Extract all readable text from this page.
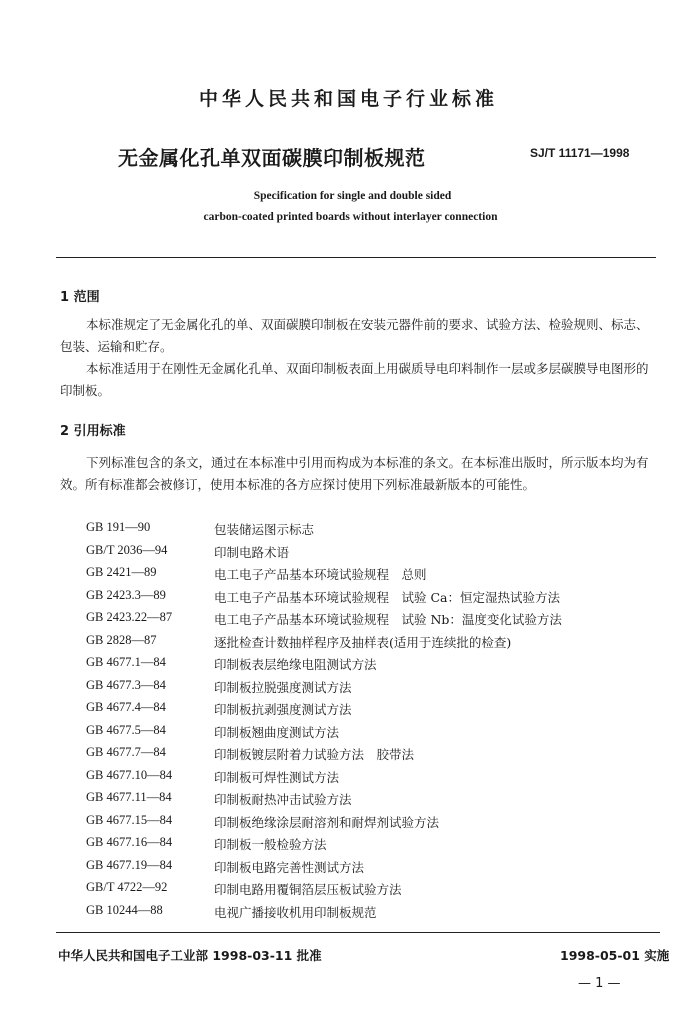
中华人民共和国电子行业标准
无金属化孔单双面碳膜印制板规范	SJ/T 11171—1998
Specification for single and double sided
carbon-coated printed boards without interlayer connection
1 范围
本标准规定了无金属化孔的单、双面碳膜印制板在安装元器件前的要求、试验方法、检验规则、标志、包装、运输和贮存。
本标准适用于在刚性无金属化孔单、双面印制板表面上用碳质导电印料制作一层或多层碳膜导电图形的印制板。
2 引用标准
下列标准包含的条文，通过在本标准中引用而构成为本标准的条文。在本标准出版时，所示版本均为有效。所有标准都会被修订，使用本标准的各方应探讨使用下列标准最新版本的可能性。
GB 191—90	包装储运图示标志
GB/T 2036—94	印制电路术语
GB 2421—89	电工电子产品基本环境试验规程　总则
GB 2423.3—89	电工电子产品基本环境试验规程　试验 Ca：恒定湿热试验方法
GB 2423.22—87	电工电子产品基本环境试验规程　试验 Nb：温度变化试验方法
GB 2828—87	逐批检查计数抽样程序及抽样表(适用于连续批的检查)
GB 4677.1—84	印制板表层绝缘电阻测试方法
GB 4677.3—84	印制板拉脱强度测试方法
GB 4677.4—84	印制板抗剥强度测试方法
GB 4677.5—84	印制板翘曲度测试方法
GB 4677.7—84	印制板镀层附着力试验方法　胶带法
GB 4677.10—84	印制板可焊性测试方法
GB 4677.11—84	印制板耐热冲击试验方法
GB 4677.15—84	印制板绝缘涂层耐溶剂和耐焊剂试验方法
GB 4677.16—84	印制板一般检验方法
GB 4677.19—84	印制板电路完善性测试方法
GB/T 4722—92	印制电路用覆铜箔层压板试验方法
GB 10244—88	电视广播接收机用印制板规范
中华人民共和国电子工业部 1998-03-11 批准	1998-05-01 实施
— 1 —
